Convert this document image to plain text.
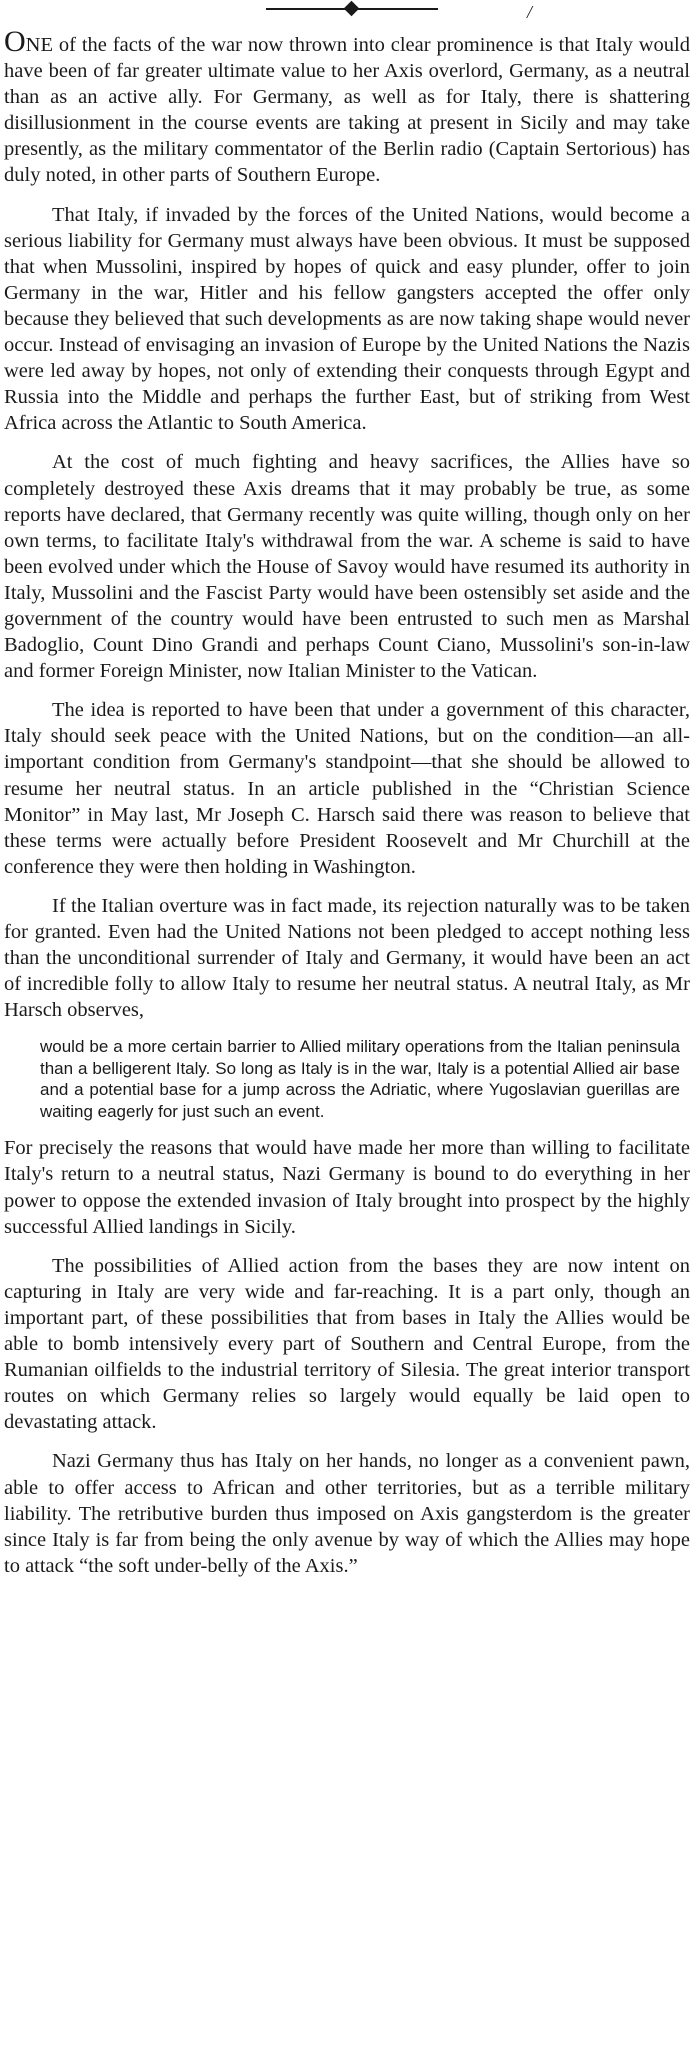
/

ONE of the facts of the war now thrown into clear prominence is that Italy would have been of far greater ultimate value to her Axis overlord, Germany, as a neutral than as an active ally. For Germany, as well as for Italy, there is shattering disillusionment in the course events are taking at present in Sicily and may take presently, as the military commentator of the Berlin radio (Captain Sertorious) has duly noted, in other parts of Southern Europe.

That Italy, if invaded by the forces of the United Nations, would become a serious liability for Germany must always have been obvious. It must be supposed that when Mussolini, inspired by hopes of quick and easy plunder, offer to join Germany in the war, Hitler and his fellow gangsters accepted the offer only because they believed that such developments as are now taking shape would never occur. Instead of envisaging an invasion of Europe by the United Nations the Nazis were led away by hopes, not only of extending their conquests through Egypt and Russia into the Middle and perhaps the further East, but of striking from West Africa across the Atlantic to South America.

At the cost of much fighting and heavy sacrifices, the Allies have so completely destroyed these Axis dreams that it may probably be true, as some reports have declared, that Germany recently was quite willing, though only on her own terms, to facilitate Italy's withdrawal from the war. A scheme is said to have been evolved under which the House of Savoy would have resumed its authority in Italy, Mussolini and the Fascist Party would have been ostensibly set aside and the government of the country would have been entrusted to such men as Marshal Badoglio, Count Dino Grandi and perhaps Count Ciano, Mussolini's son-in-law and former Foreign Minister, now Italian Minister to the Vatican.

The idea is reported to have been that under a government of this character, Italy should seek peace with the United Nations, but on the condition—an all-important condition from Germany's standpoint—that she should be allowed to resume her neutral status. In an article published in the “Christian Science Monitor” in May last, Mr Joseph C. Harsch said there was reason to believe that these terms were actually before President Roosevelt and Mr Churchill at the conference they were then holding in Washington.

If the Italian overture was in fact made, its rejection naturally was to be taken for granted. Even had the United Nations not been pledged to accept nothing less than the unconditional surrender of Italy and Germany, it would have been an act of incredible folly to allow Italy to resume her neutral status. A neutral Italy, as Mr Harsch observes,

would be a more certain barrier to Allied military operations from the Italian peninsula than a belligerent Italy. So long as Italy is in the war, Italy is a potential Allied air base and a potential base for a jump across the Adriatic, where Yugoslavian guerillas are waiting eagerly for just such an event.

For precisely the reasons that would have made her more than willing to facilitate Italy's return to a neutral status, Nazi Germany is bound to do everything in her power to oppose the extended invasion of Italy brought into prospect by the highly successful Allied landings in Sicily.

The possibilities of Allied action from the bases they are now intent on capturing in Italy are very wide and far-reaching. It is a part only, though an important part, of these possibilities that from bases in Italy the Allies would be able to bomb intensively every part of Southern and Central Europe, from the Rumanian oilfields to the industrial territory of Silesia. The great interior transport routes on which Germany relies so largely would equally be laid open to devastating attack.

Nazi Germany thus has Italy on her hands, no longer as a convenient pawn, able to offer access to African and other territories, but as a terrible military liability. The retributive burden thus imposed on Axis gangsterdom is the greater since Italy is far from being the only avenue by way of which the Allies may hope to attack “the soft under-belly of the Axis.”
